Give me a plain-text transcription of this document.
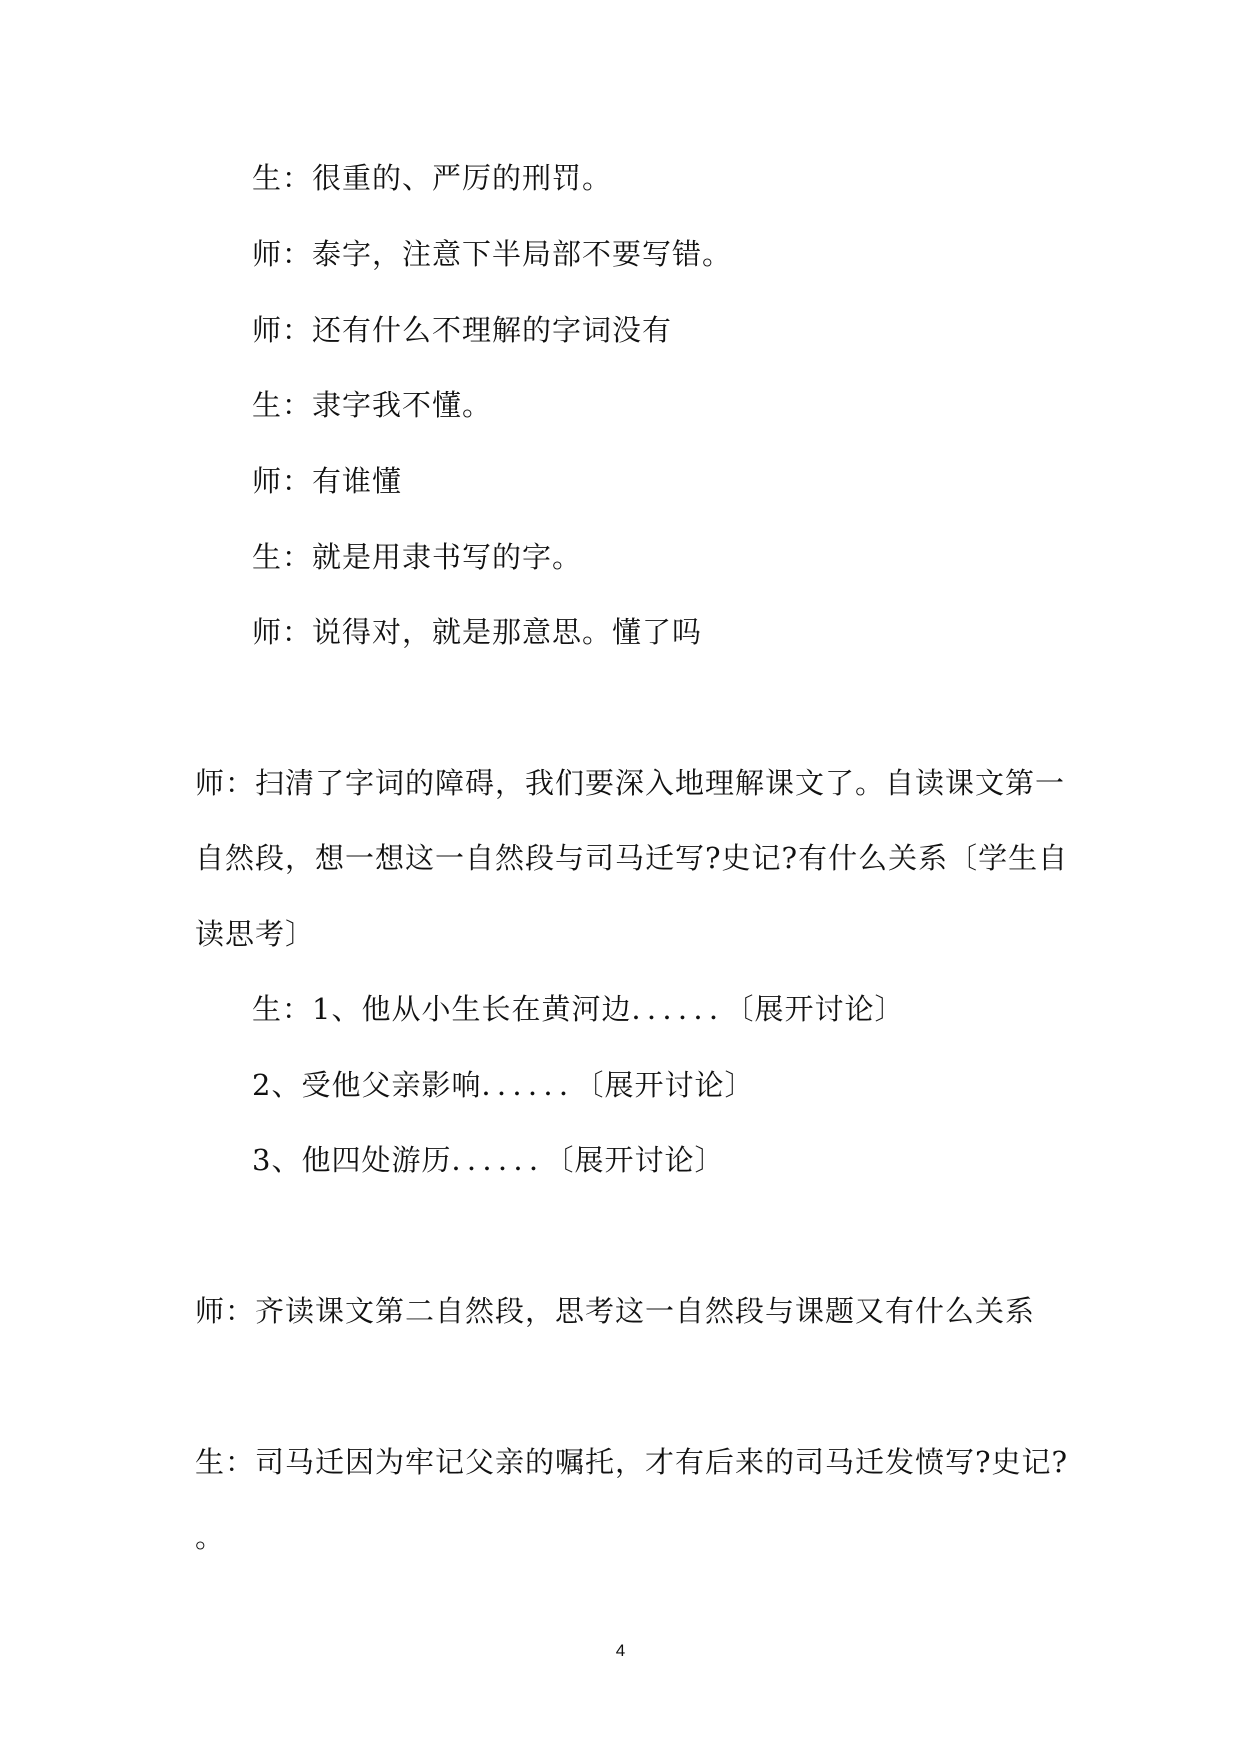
生：很重的、严厉的刑罚。
师：泰字，注意下半局部不要写错。
师：还有什么不理解的字词没有
生：隶字我不懂。
师：有谁懂
生：就是用隶书写的字。
师：说得对，就是那意思。懂了吗
师：扫清了字词的障碍，我们要深入地理解课文了。自读课文第一
自然段，想一想这一自然段与司马迁写?史记?有什么关系〔学生自
读思考〕
生：1、他从小生长在黄河边．．．．．．〔展开讨论〕
2、受他父亲影响．．．．．．〔展开讨论〕
3、他四处游历．．．．．．〔展开讨论〕
师：齐读课文第二自然段，思考这一自然段与课题又有什么关系
生：司马迁因为牢记父亲的嘱托，才有后来的司马迁发愤写?史记?
。
4
